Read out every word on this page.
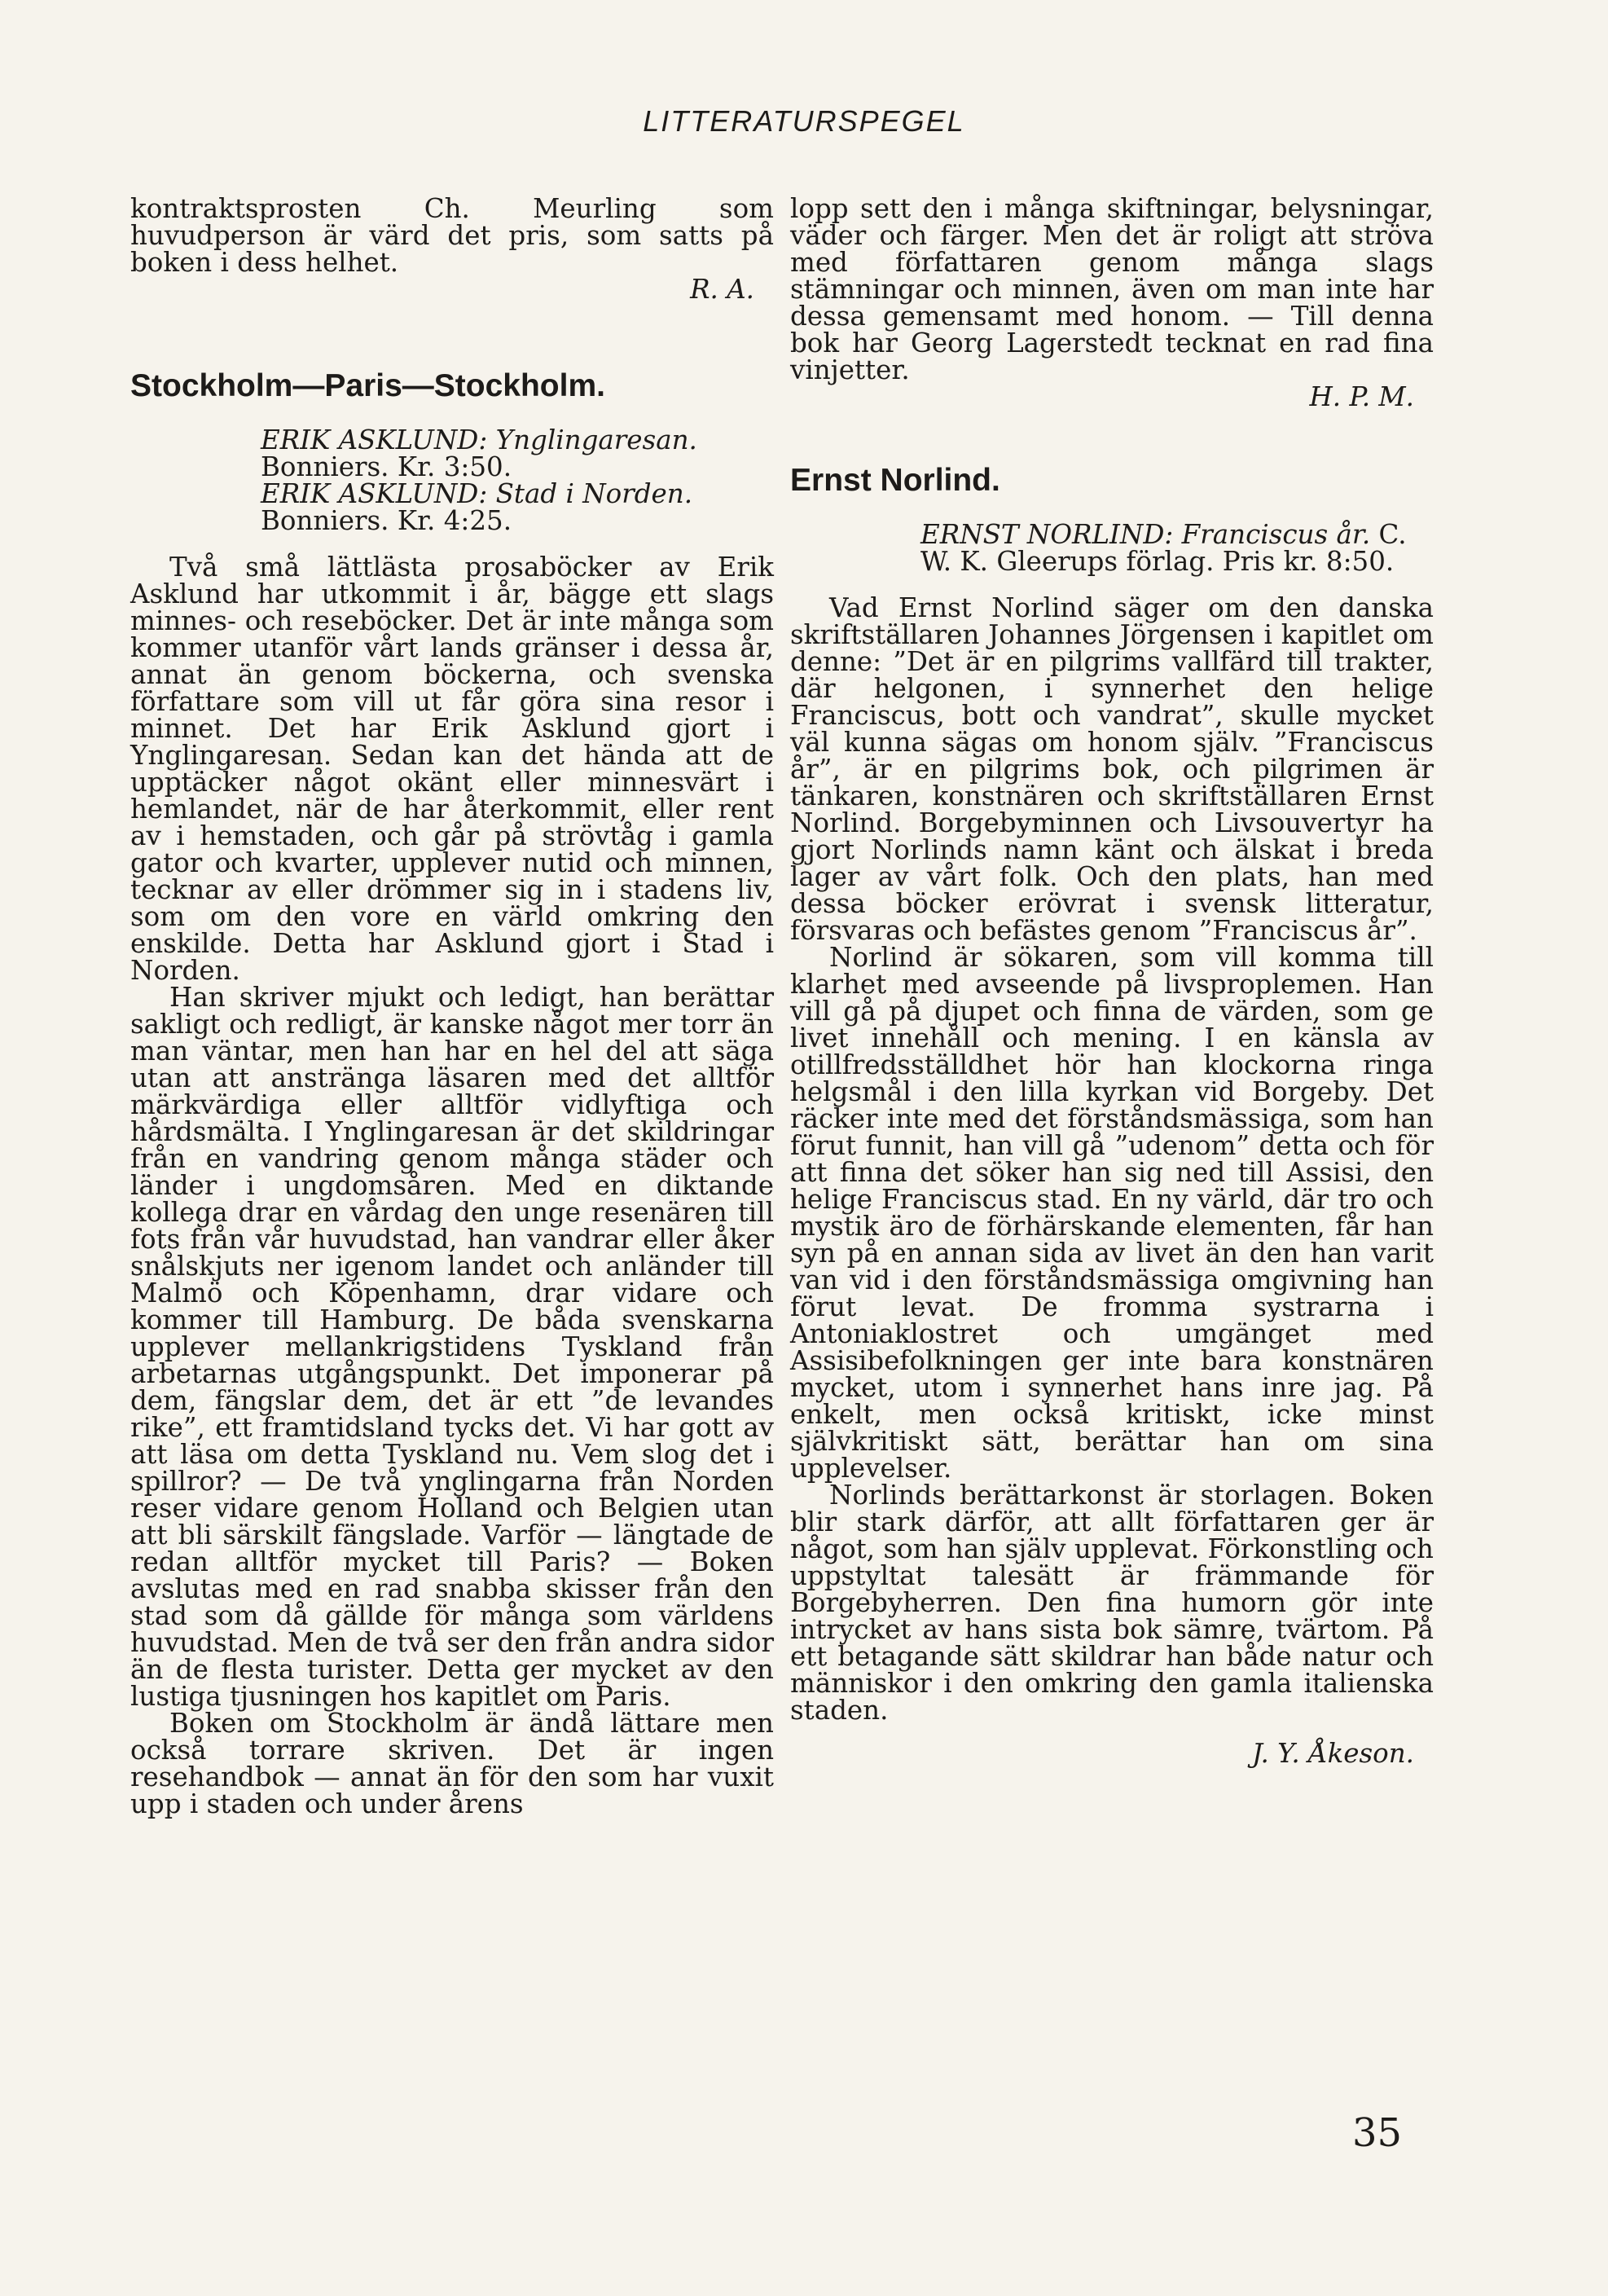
LITTERATURSPEGEL

kontraktsprosten Ch. Meurling som huvudperson är värd det pris, som satts på boken i dess helhet.

R. A.
Stockholm—Paris—Stockholm.
ERIK ASKLUND: Ynglingaresan. Bonniers. Kr. 3:50.
ERIK ASKLUND: Stad i Norden. Bonniers. Kr. 4:25.

Två små lättlästa prosaböcker av Erik Asklund har utkommit i år, bägge ett slags minnes- och reseböcker. Det är inte många som kommer utanför vårt lands gränser i dessa år, annat än genom böckerna, och svenska författare som vill ut får göra sina resor i minnet. Det har Erik Asklund gjort i Ynglingaresan. Sedan kan det hända att de upptäcker något okänt eller minnesvärt i hemlandet, när de har återkommit, eller rent av i hemstaden, och går på strövtåg i gamla gator och kvarter, upplever nutid och minnen, tecknar av eller drömmer sig in i stadens liv, som om den vore en värld omkring den enskilde. Detta har Asklund gjort i Stad i Norden.

Han skriver mjukt och ledigt, han berättar sakligt och redligt, är kanske något mer torr än man väntar, men han har en hel del att säga utan att anstränga läsaren med det alltför märkvärdiga eller alltför vidlyftiga och hårdsmälta. I Ynglingaresan är det skildringar från en vandring genom många städer och länder i ungdomsåren. Med en diktande kollega drar en vårdag den unge resenären till fots från vår huvudstad, han vandrar eller åker snålskjuts ner igenom landet och anländer till Malmö och Köpenhamn, drar vidare och kommer till Hamburg. De båda svenskarna upplever mellankrigstidens Tyskland från arbetarnas utgångspunkt. Det imponerar på dem, fängslar dem, det är ett ”de levandes rike”, ett framtidsland tycks det. Vi har gott av att läsa om detta Tyskland nu. Vem slog det i spillror? — De två ynglingarna från Norden reser vidare genom Holland och Belgien utan att bli särskilt fängslade. Varför — längtade de redan alltför mycket till Paris? — Boken avslutas med en rad snabba skisser från den stad som då gällde för många som världens huvudstad. Men de två ser den från andra sidor än de flesta turister. Detta ger mycket av den lustiga tjusningen hos kapitlet om Paris.

Boken om Stockholm är ändå lättare men också torrare skriven. Det är ingen resehandbok — annat än för den som har vuxit upp i staden och under årens

lopp sett den i många skiftningar, belysningar, väder och färger. Men det är roligt att ströva med författaren genom många slags stämningar och minnen, även om man inte har dessa gemensamt med honom. — Till denna bok har Georg Lagerstedt tecknat en rad fina vinjetter.

H. P. M.
Ernst Norlind.
ERNST NORLIND: Franciscus år. C. W. K. Gleerups förlag. Pris kr. 8:50.

Vad Ernst Norlind säger om den danska skriftställaren Johannes Jörgensen i kapitlet om denne: ”Det är en pilgrims vallfärd till trakter, där helgonen, i synnerhet den helige Franciscus, bott och vandrat”, skulle mycket väl kunna sägas om honom själv. ”Franciscus år”, är en pilgrims bok, och pilgrimen är tänkaren, konstnären och skriftställaren Ernst Norlind. Borgebyminnen och Livsouvertyr ha gjort Norlinds namn känt och älskat i breda lager av vårt folk. Och den plats, han med dessa böcker erövrat i svensk litteratur, försvaras och befästes genom ”Franciscus år”.

Norlind är sökaren, som vill komma till klarhet med avseende på livsproplemen. Han vill gå på djupet och finna de värden, som ge livet innehåll och mening. I en känsla av otillfredsställdhet hör han klockorna ringa helgsmål i den lilla kyrkan vid Borgeby. Det räcker inte med det förståndsmässiga, som han förut funnit, han vill gå ”udenom” detta och för att finna det söker han sig ned till Assisi, den helige Franciscus stad. En ny värld, där tro och mystik äro de förhärskande elementen, får han syn på en annan sida av livet än den han varit van vid i den förståndsmässiga omgivning han förut levat. De fromma systrarna i Antoniaklostret och umgänget med Assisibefolkningen ger inte bara konstnären mycket, utom i synnerhet hans inre jag. På enkelt, men också kritiskt, icke minst självkritiskt sätt, berättar han om sina upplevelser.

Norlinds berättarkonst är storlagen. Boken blir stark därför, att allt författaren ger är något, som han själv upplevat. Förkonstling och uppstyltat talesätt är främmande för Borgebyherren. Den fina humorn gör inte intrycket av hans sista bok sämre, tvärtom. På ett betagande sätt skildrar han både natur och människor i den omkring den gamla italienska staden.

J. Y. Åkeson.
35
